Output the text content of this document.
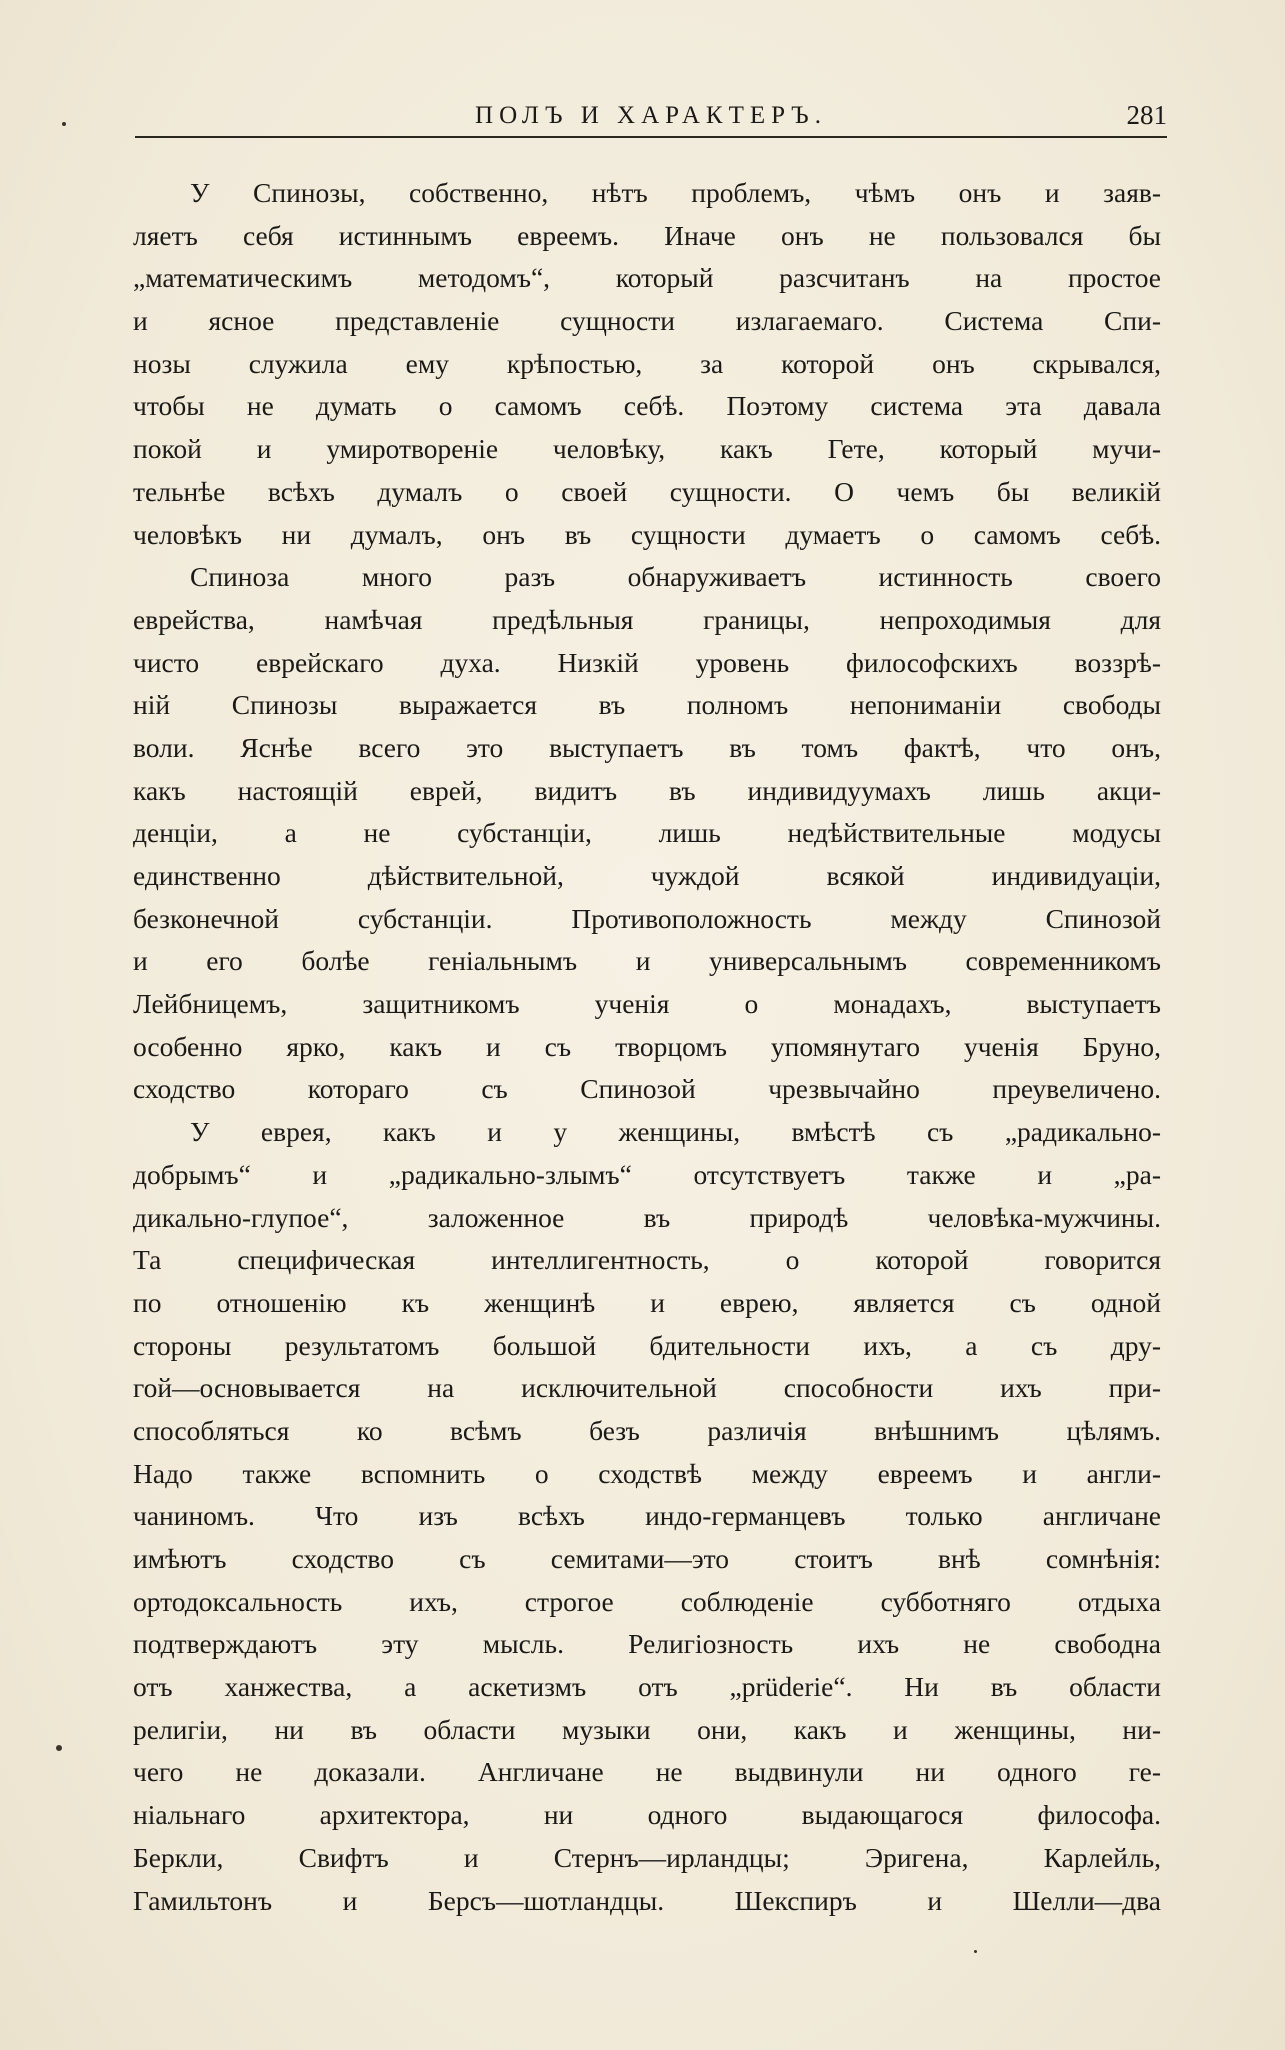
ПОЛЪ И ХАРАКТЕРЪ.	281
У Спинозы, собственно, нѣтъ проблемъ, чѣмъ онъ и заяв-
ляетъ себя истиннымъ евреемъ. Иначе онъ не пользовался бы
„математическимъ методомъ“, который разсчитанъ на простое
и ясное представленіе сущности излагаемаго. Система Спи-
нозы служила ему крѣпостью, за которой онъ скрывался,
чтобы не думать о самомъ себѣ. Поэтому система эта давала
покой и умиротвореніе человѣку, какъ Гете, который мучи-
тельнѣе всѣхъ думалъ о своей сущности. О чемъ бы великій
человѣкъ ни думалъ, онъ въ сущности думаетъ о самомъ себѣ.
Спиноза много разъ обнаруживаетъ истинность своего
еврейства, намѣчая предѣльныя границы, непроходимыя для
чисто еврейскаго духа. Низкій уровень философскихъ воззрѣ-
ній Спинозы выражается въ полномъ непониманіи свободы
воли. Яснѣе всего это выступаетъ въ томъ фактѣ, что онъ,
какъ настоящій еврей, видитъ въ индивидуумахъ лишь акци-
денціи, а не субстанціи, лишь недѣйствительные модусы
единственно дѣйствительной, чуждой всякой индивидуаціи,
безконечной субстанціи. Противоположность между Спинозой
и его болѣе геніальнымъ и универсальнымъ современникомъ
Лейбницемъ, защитникомъ ученія о монадахъ, выступаетъ
особенно ярко, какъ и съ творцомъ упомянутаго ученія Бруно,
сходство котораго съ Спинозой чрезвычайно преувеличено.
У еврея, какъ и у женщины, вмѣстѣ съ „радикально-
добрымъ“ и „радикально-злымъ“ отсутствуетъ также и „ра-
дикально-глупое“, заложенное въ природѣ человѣка-мужчины.
Та специфическая интеллигентность, о которой говорится
по отношенію къ женщинѣ и еврею, является съ одной
стороны результатомъ большой бдительности ихъ, а съ дру-
гой—основывается на исключительной способности ихъ при-
способляться ко всѣмъ безъ различія внѣшнимъ цѣлямъ.
Надо также вспомнить о сходствѣ между евреемъ и англи-
чаниномъ. Что изъ всѣхъ индо-германцевъ только англичане
имѣютъ сходство съ семитами—это стоитъ внѣ сомнѣнія:
ортодоксальность ихъ, строгое соблюденіе субботняго отдыха
подтверждаютъ эту мысль. Религіозность ихъ не свободна
отъ ханжества, а аскетизмъ отъ „prüderie“. Ни въ области
религіи, ни въ области музыки они, какъ и женщины, ни-
чего не доказали. Англичане не выдвинули ни одного ге-
ніальнаго архитектора, ни одного выдающагося философа.
Беркли, Свифтъ и Стернъ—ирландцы; Эригена, Карлейль,
Гамильтонъ и Берсъ—шотландцы. Шекспиръ и Шелли—два
